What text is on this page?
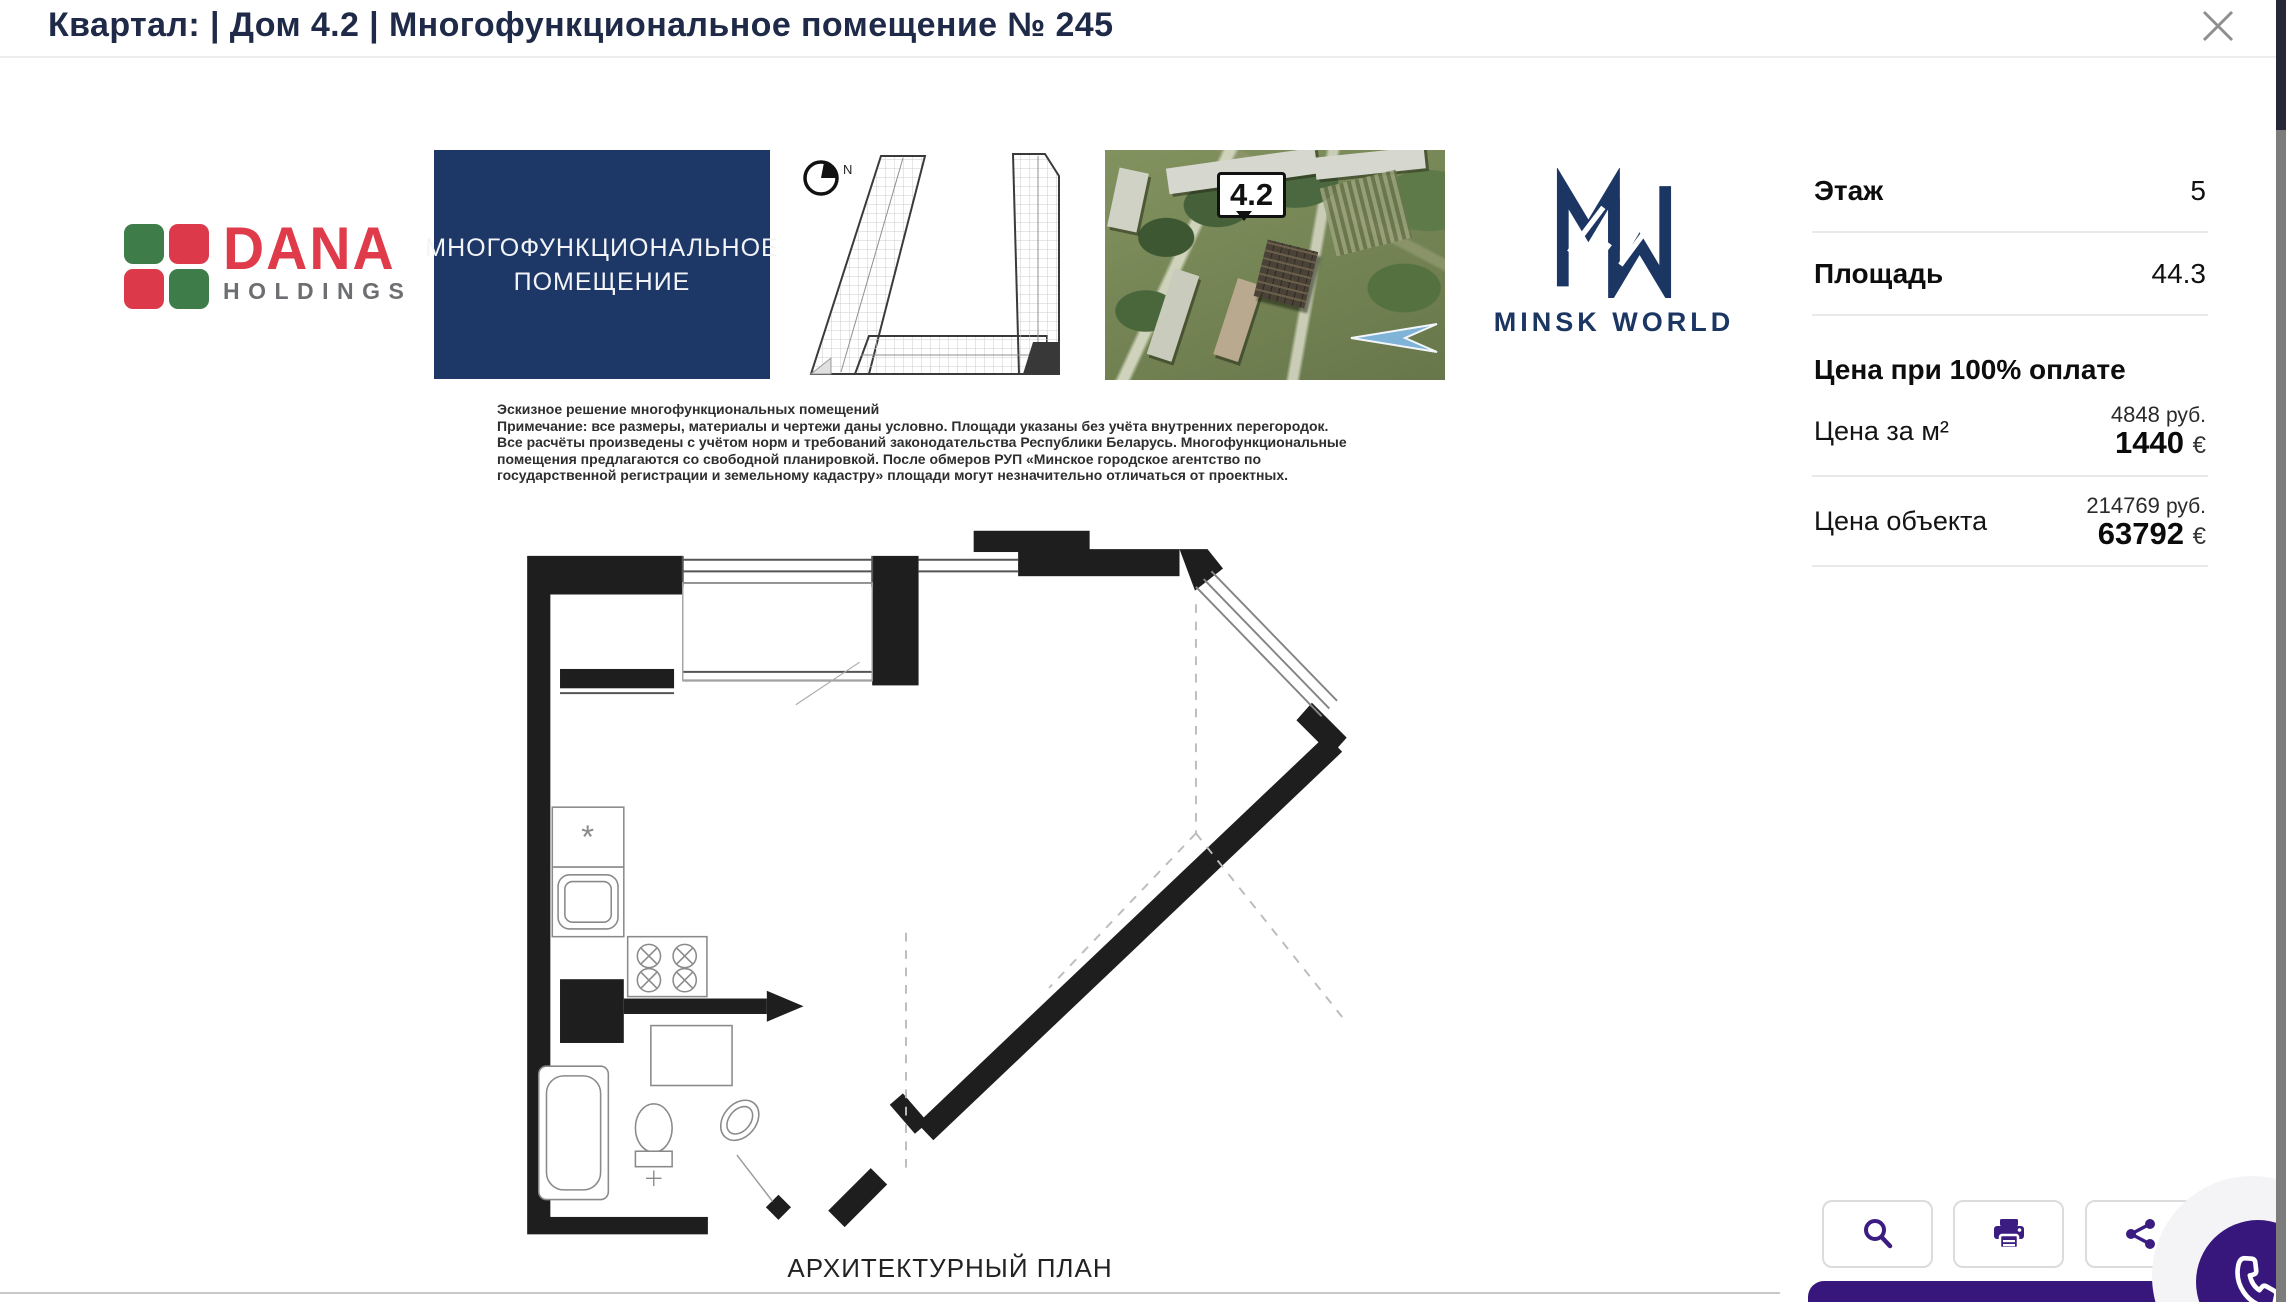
Квартал: | Дом 4.2 | Многофункциональное помещение № 245
DANA
HOLDINGS
МНОГОФУНКЦИОНАЛЬНОЕ
ПОМЕЩЕНИЕ
N
4.2
MINSK WORLD
Эскизное решение многофункциональных помещений
Примечание: все размеры, материалы и чертежи даны условно. Площади указаны без учёта внутренних перегородок.
Все расчёты произведены с учётом норм и требований законодательства Республики Беларусь. Многофункциональные
помещения предлагаются со свободной планировкой. После обмеров РУП «Минское городское агентство по
государственной регистрации и земельному кадастру» площади могут незначительно отличаться от проектных.
*
АРХИТЕКТУРНЫЙ ПЛАН
Этаж	5
Площадь	44.3
Цена при 100% оплате
Цена за м²
4848 руб.
1440 €
Цена объекта
214769 руб.
63792 €
